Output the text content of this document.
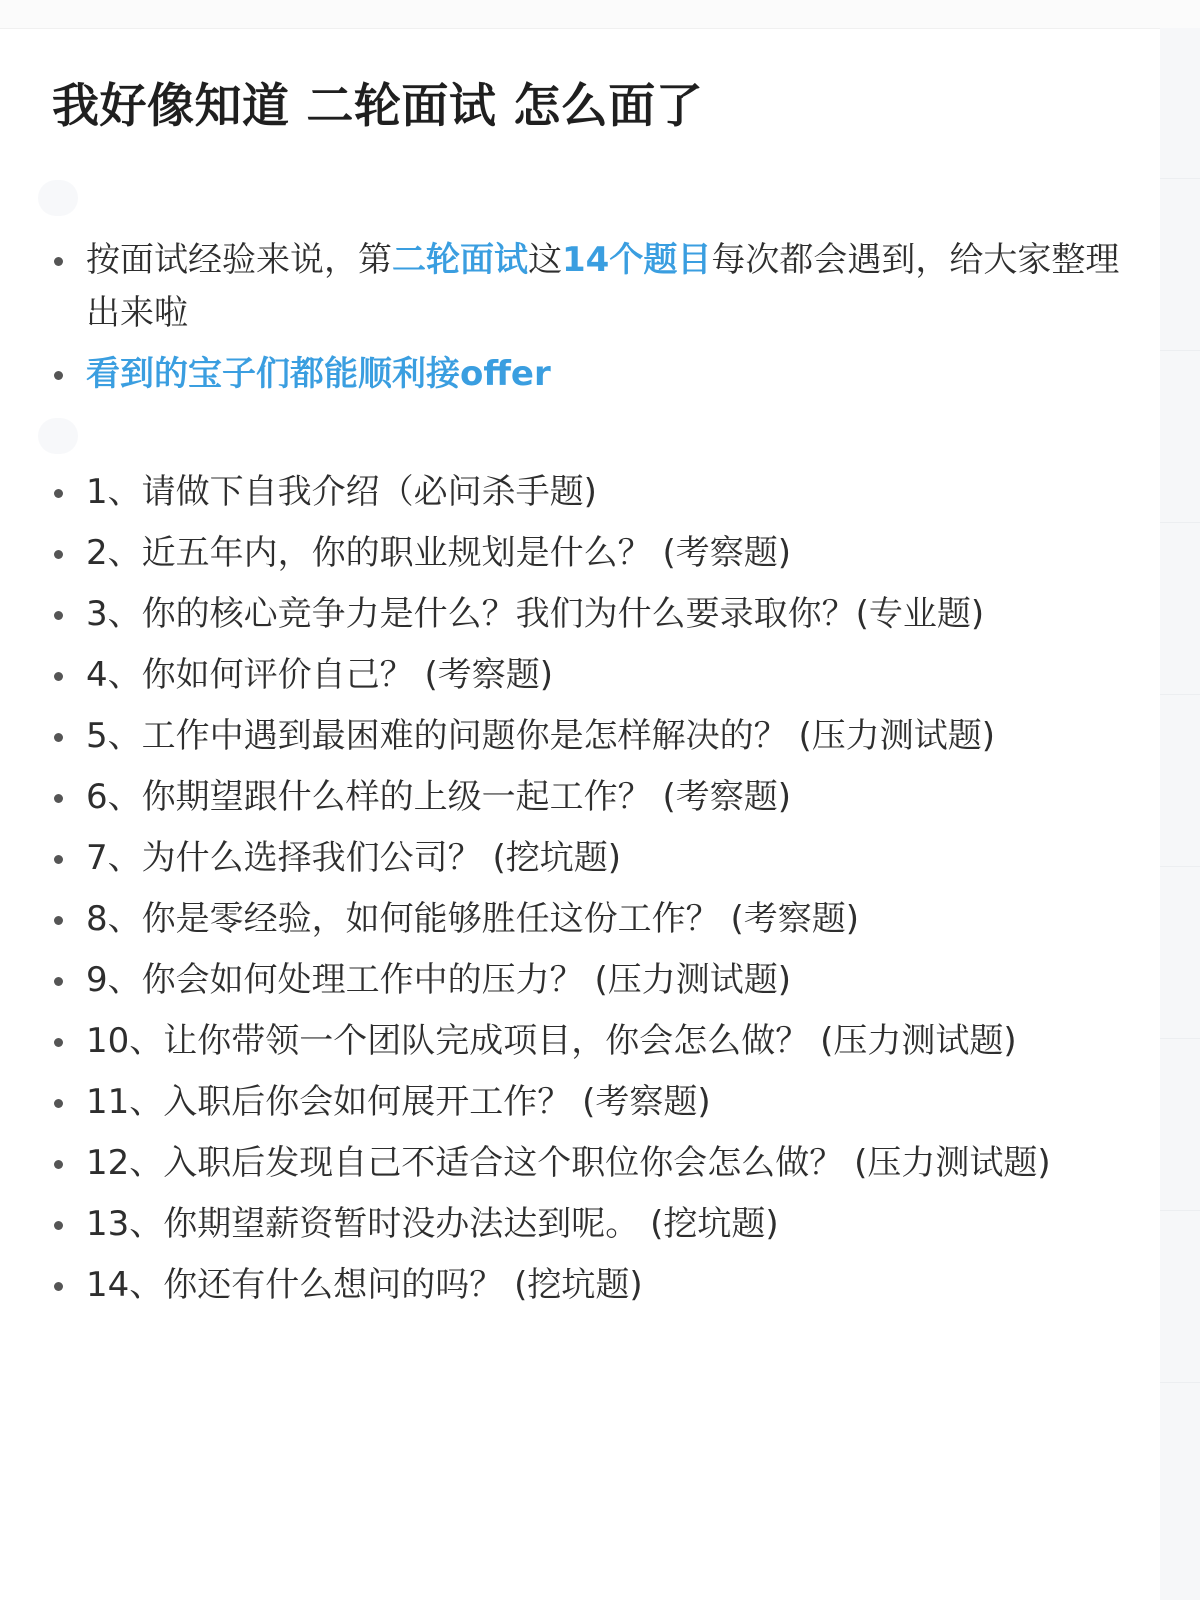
我好像知道 二轮面试 怎么面了
按面试经验来说，第二轮面试这14个题目每次都会遇到，给大家整理出来啦
看到的宝子们都能顺利接offer
1、请做下自我介绍（必问杀手题)
2、近五年内，你的职业规划是什么？ (考察题)
3、你的核心竞争力是什么？我们为什么要录取你？(专业题)
4、你如何评价自己？ (考察题)
5、工作中遇到最困难的问题你是怎样解决的？ (压力测试题)
6、你期望跟什么样的上级一起工作？ (考察题)
7、为什么选择我们公司？ (挖坑题)
8、你是零经验，如何能够胜任这份工作？ (考察题)
9、你会如何处理工作中的压力？ (压力测试题)
10、让你带领一个团队完成项目，你会怎么做？ (压力测试题)
11、入职后你会如何展开工作？ (考察题)
12、入职后发现自己不适合这个职位你会怎么做？ (压力测试题)
13、你期望薪资暂时没办法达到呢。 (挖坑题)
14、你还有什么想问的吗？ (挖坑题)
